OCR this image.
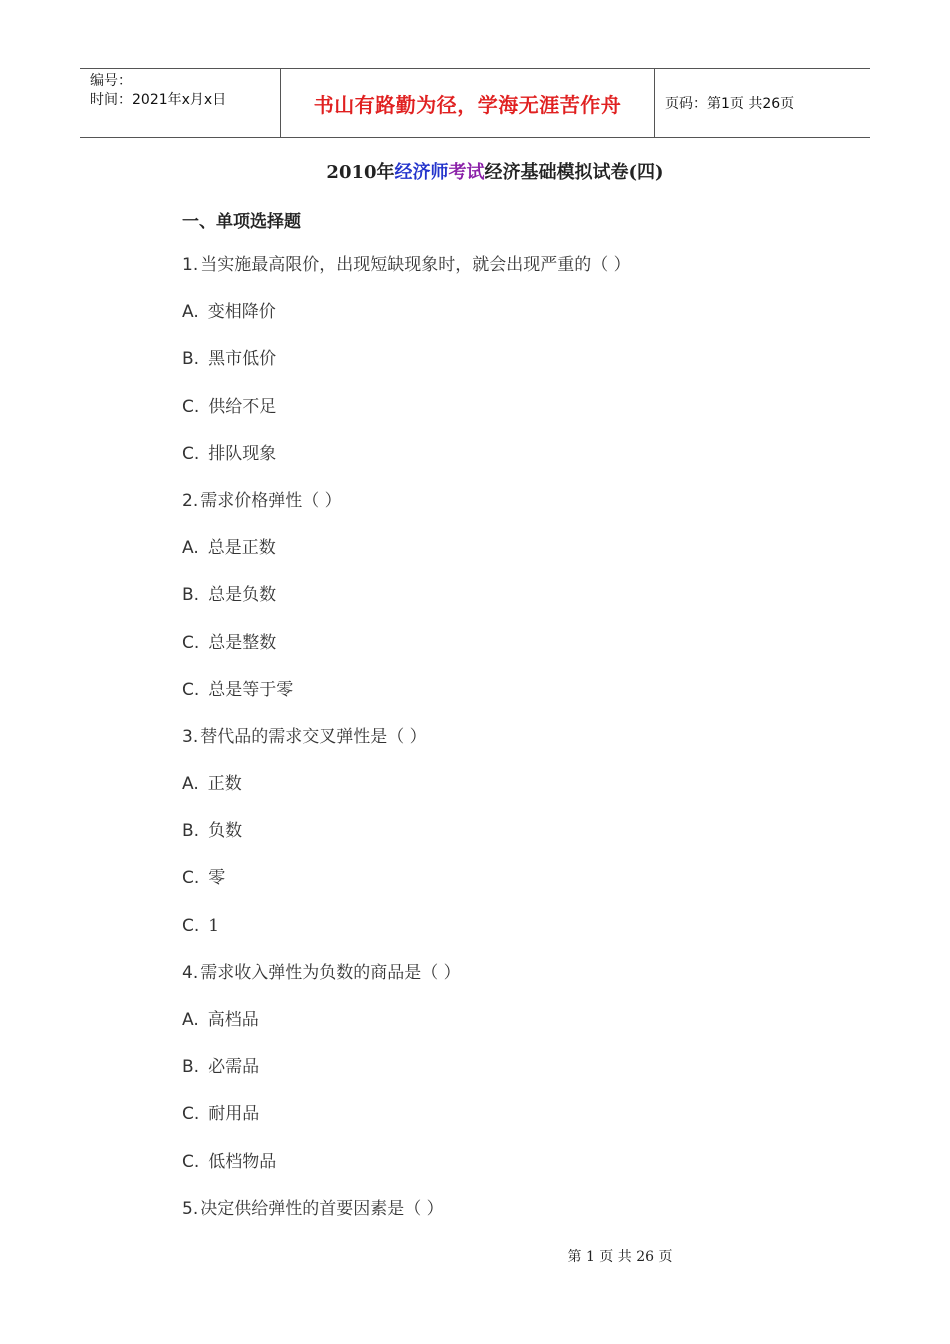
编号：
时间：2021年x月x日	书山有路勤为径，学海无涯苦作舟	页码：第1页 共26页
2010年经济师考试经济基础模拟试卷(四)
一、单项选择题
1. 当实施最高限价，出现短缺现象时，就会出现严重的（ ）
A. 变相降价
B. 黑市低价
C. 供给不足
C. 排队现象
2. 需求价格弹性（ ）
A. 总是正数
B. 总是负数
C. 总是整数
C. 总是等于零
3. 替代品的需求交叉弹性是（ ）
A. 正数
B. 负数
C. 零
C. 1
4. 需求收入弹性为负数的商品是（ ）
A. 高档品
B. 必需品
C. 耐用品
C. 低档物品
5. 决定供给弹性的首要因素是（ ）
第 1 页 共 26 页
